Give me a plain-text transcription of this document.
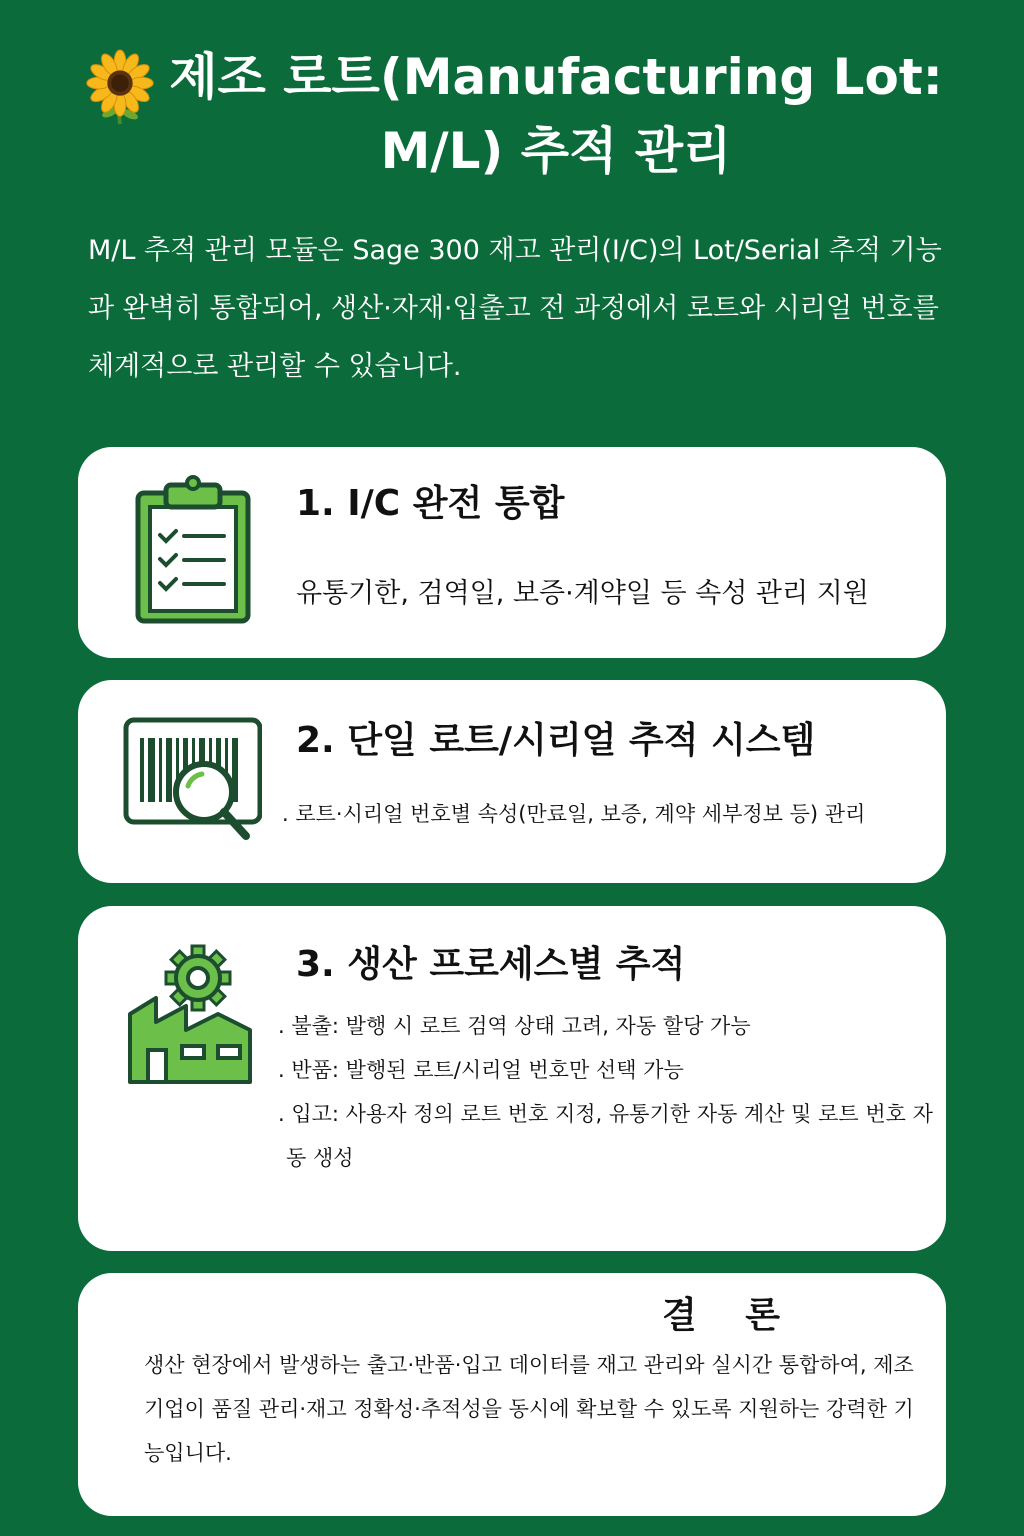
제조 로트(Manufacturing Lot:
M/L) 추적 관리

M/L 추적 관리 모듈은 Sage 300 재고 관리(I/C)의 Lot/Serial 추적 기능과 완벽히 통합되어, 생산·자재·입출고 전 과정에서 로트와 시리얼 번호를 체계적으로 관리할 수 있습니다.

1. I/C 완전 통합

유통기한, 검역일, 보증·계약일 등 속성 관리 지원

2. 단일 로트/시리얼 추적 시스템

. 로트·시리얼 번호별 속성(만료일, 보증, 계약 세부정보 등) 관리

3. 생산 프로세스별 추적
. 불출: 발행 시 로트 검역 상태 고려, 자동 할당 가능
. 반품: 발행된 로트/시리얼 번호만 선택 가능
. 입고: 사용자 정의 로트 번호 지정, 유통기한 자동 계산 및 로트 번호 자동 생성
결 론

생산 현장에서 발생하는 출고·반품·입고 데이터를 재고 관리와 실시간 통합하여, 제조기업이 품질 관리·재고 정확성·추적성을 동시에 확보할 수 있도록 지원하는 강력한 기능입니다.
